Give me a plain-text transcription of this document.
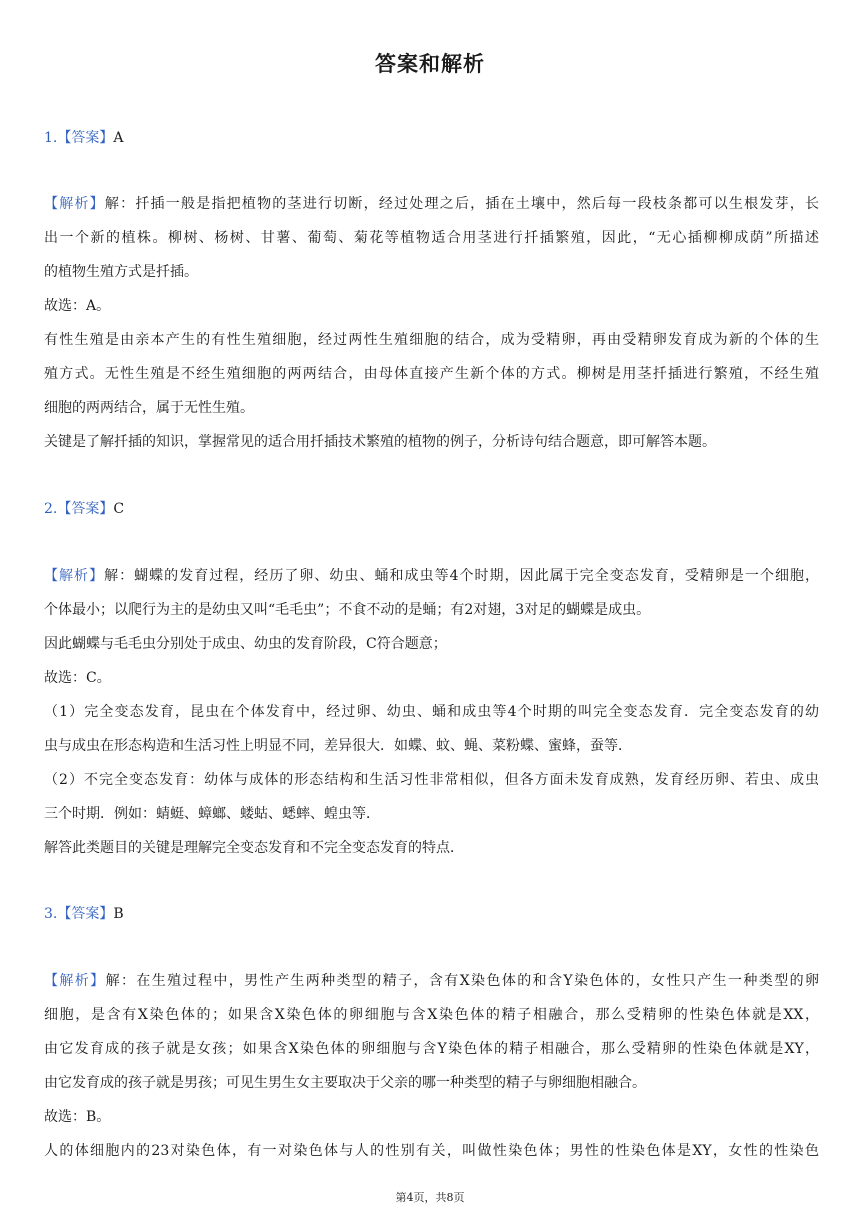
答案和解析
1.【答案】A
【解析】解：扦插一般是指把植物的茎进行切断，经过处理之后，插在土壤中，然后每一段枝条都可以生根发芽，长
出一个新的植株。柳树、杨树、甘薯、葡萄、菊花等植物适合用茎进行扦插繁殖，因此，“无心插柳柳成荫”所描述
的植物生殖方式是扦插。
故选：A。
有性生殖是由亲本产生的有性生殖细胞，经过两性生殖细胞的结合，成为受精卵，再由受精卵发育成为新的个体的生
殖方式。无性生殖是不经生殖细胞的两两结合，由母体直接产生新个体的方式。柳树是用茎扦插进行繁殖，不经生殖
细胞的两两结合，属于无性生殖。
关键是了解扦插的知识，掌握常见的适合用扦插技术繁殖的植物的例子，分析诗句结合题意，即可解答本题。
2.【答案】C
【解析】解：蝴蝶的发育过程，经历了卵、幼虫、蛹和成虫等4个时期，因此属于完全变态发育，受精卵是一个细胞，
个体最小；以爬行为主的是幼虫又叫“毛毛虫”；不食不动的是蛹；有2对翅，3对足的蝴蝶是成虫。
因此蝴蝶与毛毛虫分别处于成虫、幼虫的发育阶段，C符合题意；
故选：C。
（1）完全变态发育，昆虫在个体发育中，经过卵、幼虫、蛹和成虫等4个时期的叫完全变态发育．完全变态发育的幼
虫与成虫在形态构造和生活习性上明显不同，差异很大．如蝶、蚊、蝇、菜粉蝶、蜜蜂，蚕等．
（2）不完全变态发育：幼体与成体的形态结构和生活习性非常相似，但各方面未发育成熟，发育经历卵、若虫、成虫
三个时期．例如：蜻蜓、蟑螂、蝼蛄、蟋蟀、蝗虫等．
解答此类题目的关键是理解完全变态发育和不完全变态发育的特点．
3.【答案】B
【解析】解：在生殖过程中，男性产生两种类型的精子，含有X染色体的和含Y染色体的，女性只产生一种类型的卵
细胞，是含有X染色体的；如果含X染色体的卵细胞与含X染色体的精子相融合，那么受精卵的性染色体就是XX，
由它发育成的孩子就是女孩；如果含X染色体的卵细胞与含Y染色体的精子相融合，那么受精卵的性染色体就是XY，
由它发育成的孩子就是男孩；可见生男生女主要取决于父亲的哪一种类型的精子与卵细胞相融合。
故选：B。
人的体细胞内的23对染色体，有一对染色体与人的性别有关，叫做性染色体；男性的性染色体是XY，女性的性染色
第4页，共8页
